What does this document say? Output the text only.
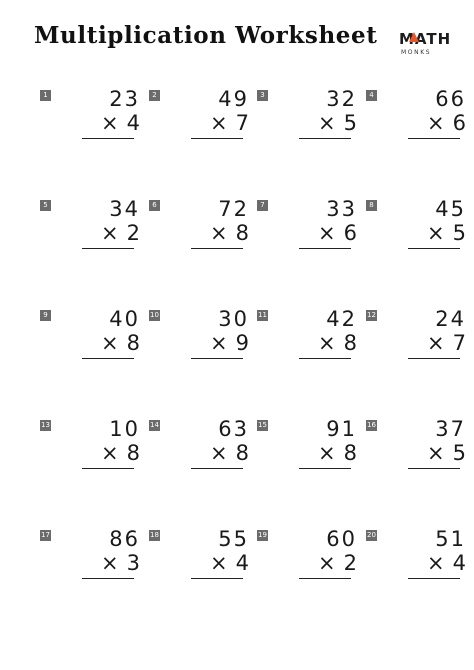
Multiplication Worksheet MATH
MONKS
1	23
× 4
2	49
× 7
3	32
× 5
4	66
× 6
5	34
× 2
6	72
× 8
7	33
× 6
8	45
× 5
9	40
× 8
10	30
× 9
11	42
× 8
12	24
× 7
13	10
× 8
14	63
× 8
15	91
× 8
16	37
× 5
17	86
× 3
18	55
× 4
19	60
× 2
20	51
× 4
